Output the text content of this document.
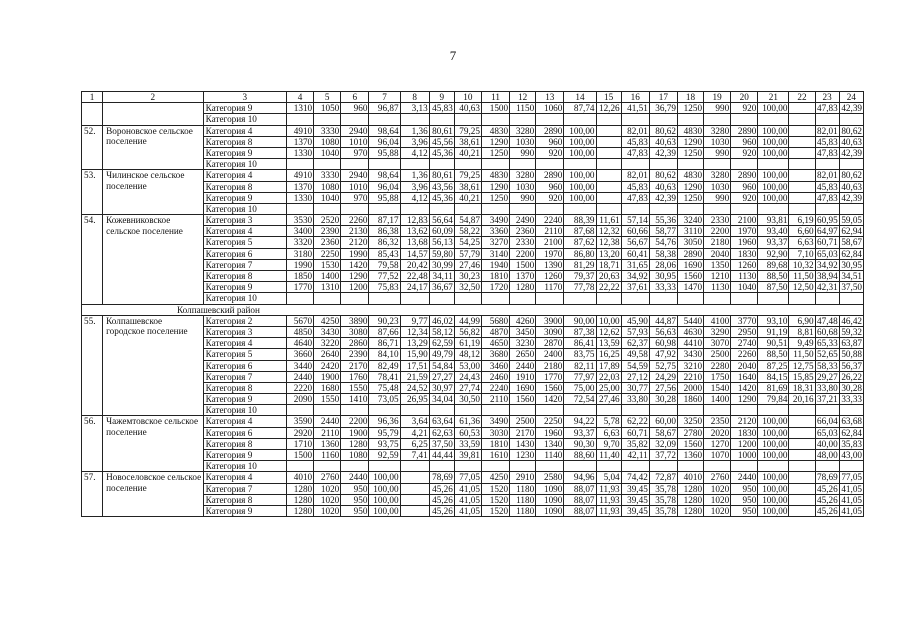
7
1	2	3	4	5	6	7	8	9	10	11	12	13	14	15	16	17	18	19	20	21	22	23	24
		Категория 9	1310	1050	960	96,87	3,13	45,83	40,63	1500	1150	1060	87,74	12,26	41,51	36,79	1250	990	920	100,00		47,83	42,39
		Категория 10																					
52.	Вороновское сельское поселение	Категория 4	4910	3330	2940	98,64	1,36	80,61	79,25	4830	3280	2890	100,00		82,01	80,62	4830	3280	2890	100,00		82,01	80,62
		Категория 8	1370	1080	1010	96,04	3,96	45,56	38,61	1290	1030	960	100,00		45,83	40,63	1290	1030	960	100,00		45,83	40,63
		Категория 9	1330	1040	970	95,88	4,12	45,36	40,21	1250	990	920	100,00		47,83	42,39	1250	990	920	100,00		47,83	42,39
		Категория 10																					
53.	Чилинское сельское поселение	Категория 4	4910	3330	2940	98,64	1,36	80,61	79,25	4830	3280	2890	100,00		82,01	80,62	4830	3280	2890	100,00		82,01	80,62
		Категория 8	1370	1080	1010	96,04	3,96	43,56	38,61	1290	1030	960	100,00		45,83	40,63	1290	1030	960	100,00		45,83	40,63
		Категория 9	1330	1040	970	95,88	4,12	45,36	40,21	1250	990	920	100,00		47,83	42,39	1250	990	920	100,00		47,83	42,39
		Категория 10																					
54.	Кожевниковское сельское поселение	Категория 3	3530	2520	2260	87,17	12,83	56,64	54,87	3490	2490	2240	88,39	11,61	57,14	55,36	3240	2330	2100	93,81	6,19	60,95	59,05
		Категория 4	3400	2390	2130	86,38	13,62	60,09	58,22	3360	2360	2110	87,68	12,32	60,66	58,77	3110	2200	1970	93,40	6,60	64,97	62,94
		Категория 5	3320	2360	2120	86,32	13,68	56,13	54,25	3270	2330	2100	87,62	12,38	56,67	54,76	3050	2180	1960	93,37	6,63	60,71	58,67
		Категория 6	3180	2250	1990	85,43	14,57	59,80	57,79	3140	2200	1970	86,80	13,20	60,41	58,38	2890	2040	1830	92,90	7,10	65,03	62,84
		Категория 7	1990	1530	1420	79,58	20,42	30,99	27,46	1940	1500	1390	81,29	18,71	31,65	28,06	1690	1350	1260	89,68	10,32	34,92	30,95
		Категория 8	1850	1400	1290	77,52	22,48	34,11	30,23	1810	1370	1260	79,37	20,63	34,92	30,95	1560	1210	1130	88,50	11,50	38,94	34,51
		Категория 9	1770	1310	1200	75,83	24,17	36,67	32,50	1720	1280	1170	77,78	22,22	37,61	33,33	1470	1130	1040	87,50	12,50	42,31	37,50
		Категория 10																					
Колпашевский район																							
55.	Колпашевское городское поселение	Категория 2	5670	4250	3890	90,23	9,77	46,02	44,99	5680	4260	3900	90,00	10,00	45,90	44,87	5440	4100	3770	93,10	6,90	47,48	46,42
		Категория 3	4850	3430	3080	87,66	12,34	58,12	56,82	4870	3450	3090	87,38	12,62	57,93	56,63	4630	3290	2950	91,19	8,81	60,68	59,32
		Категория 4	4640	3220	2860	86,71	13,29	62,59	61,19	4650	3230	2870	86,41	13,59	62,37	60,98	4410	3070	2740	90,51	9,49	65,33	63,87
		Категория 5	3660	2640	2390	84,10	15,90	49,79	48,12	3680	2650	2400	83,75	16,25	49,58	47,92	3430	2500	2260	88,50	11,50	52,65	50,88
		Категория 6	3440	2420	2170	82,49	17,51	54,84	53,00	3460	2440	2180	82,11	17,89	54,59	52,75	3210	2280	2040	87,25	12,75	58,33	56,37
		Категория 7	2440	1900	1760	78,41	21,59	27,27	24,43	2460	1910	1770	77,97	22,03	27,12	24,29	2210	1750	1640	84,15	15,85	29,27	26,22
		Категория 8	2220	1680	1550	75,48	24,52	30,97	27,74	2240	1690	1560	75,00	25,00	30,77	27,56	2000	1540	1420	81,69	18,31	33,80	30,28
		Категория 9	2090	1550	1410	73,05	26,95	34,04	30,50	2110	1560	1420	72,54	27,46	33,80	30,28	1860	1400	1290	79,84	20,16	37,21	33,33
		Категория 10																					
56.	Чажемтовское сельское поселение	Категория 4	3590	2440	2200	96,36	3,64	63,64	61,36	3490	2500	2250	94,22	5,78	62,22	60,00	3250	2350	2120	100,00		66,04	63,68
		Категория 6	2920	2110	1900	95,79	4,21	62,63	60,53	3030	2170	1960	93,37	6,63	60,71	58,67	2780	2020	1830	100,00		65,03	62,84
		Категория 8	1710	1360	1280	93,75	6,25	37,50	33,59	1810	1430	1340	90,30	9,70	35,82	32,09	1560	1270	1200	100,00		40,00	35,83
		Категория 9	1500	1160	1080	92,59	7,41	44,44	39,81	1610	1230	1140	88,60	11,40	42,11	37,72	1360	1070	1000	100,00		48,00	43,00
		Категория 10																					
57.	Новоселовское сельское поселение	Категория 4	4010	2760	2440	100,00		78,69	77,05	4250	2910	2580	94,96	5,04	74,42	72,87	4010	2760	2440	100,00		78,69	77,05
		Категория 7	1280	1020	950	100,00		45,26	41,05	1520	1180	1090	88,07	11,93	39,45	35,78	1280	1020	950	100,00		45,26	41,05
		Категория 8	1280	1020	950	100,00		45,26	41,05	1520	1180	1090	88,07	11,93	39,45	35,78	1280	1020	950	100,00		45,26	41,05
		Категория 9	1280	1020	950	100,00		45,26	41,05	1520	1180	1090	88,07	11,93	39,45	35,78	1280	1020	950	100,00		45,26	41,05
